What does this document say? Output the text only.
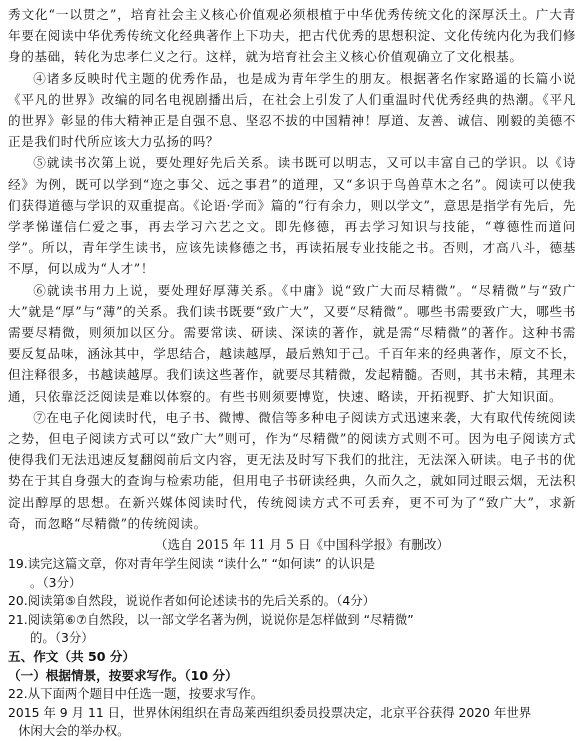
秀文化“一以贯之”，培育社会主义核心价值观必须根植于中华优秀传统文化的深厚沃土。广大青年要在阅读中华优秀传统文化经典著作上下功夫，把古代优秀的思想积淀、文化传统内化为我们修身的基础，转化为忠孝仁义之行。这样，就为培育社会主义核心价值观确立了文化根基。

④诸多反映时代主题的优秀作品，也是成为青年学生的朋友。根据著名作家路遥的长篇小说《平凡的世界》改编的同名电视剧播出后，在社会上引发了人们重温时代优秀经典的热潮。《平凡的世界》彰显的伟大精神正是自强不息、坚忍不拔的中国精神！厚道、友善、诚信、刚毅的美德不正是我们时代所应该大力弘扬的吗？

⑤就读书次第上说，要处理好先后关系。读书既可以明志，又可以丰富自己的学识。以《诗经》为例，既可以学到“迩之事父、远之事君”的道理，又“多识于鸟兽草木之名”。阅读可以使我们获得道德与学识的双重提高。《论语·学而》篇的“行有余力，则以学文”，意思是指学有先后，先学孝悌谨信仁爱之事，再去学习六艺之文。即先修德，再去学习知识与技能，“尊德性而道问学”。所以，青年学生读书，应该先读修德之书，再读拓展专业技能之书。否则，才高八斗，德基不厚，何以成为“人才”！

⑥就读书用力上说，要处理好厚薄关系。《中庸》说“致广大而尽精微”。“尽精微”与“致广大”就是“厚”与“薄”的关系。我们读书既要“致广大”，又要“尽精微”。哪些书需要致广大，哪些书需要尽精微，则须加以区分。需要常读、研读、深读的著作，就是需“尽精微”的著作。这种书需要反复品味，涵泳其中，学思结合，越读越厚，最后熟知于己。千百年来的经典著作，原文不长，但注释很多，书越读越厚。我们读这些著作，就要尽其精微，发起精髓。否则，其书未精，其理未通，只依靠泛泛阅读是难以体察的。有些书则须要博览，快速、略读，开拓视野、扩大知识面。

⑦在电子化阅读时代，电子书、微博、微信等多种电子阅读方式迅速来袭，大有取代传统阅读之势，但电子阅读方式可以“致广大”则可，作为“尽精微”的阅读方式则不可。因为电子阅读方式使得我们无法迅速反复翻阅前后文内容，更无法及时写下我们的批注，无法深入研读。电子书的优势在于其自身强大的查询与检索功能，但用电子书研读经典，久而久之，就如同过眼云烟，无法积淀出醇厚的思想。在新兴媒体阅读时代，传统阅读方式不可丢弃，更不可为了“致广大”，求新奇，而忽略“尽精微”的传统阅读。

（选自 2015 年 11 月 5 日《中国科学报》有删改）
19.读完这篇文章，你对青年学生阅读 “读什么” “如何读” 的认识是
。（3分）
20.阅读第⑤自然段，说说作者如何论述读书的先后关系的。（4分）
21.阅读第⑥⑦自然段，以一部文学名著为例，说说你是怎样做到 “尽精微”
的。（3分）
五、作文（共 50 分）
（一）根据情景，按要求写作。（10 分）
22.从下面两个题目中任选一题，按要求写作。
2015 年 9 月 11 日，世界休闲组织在青岛莱西组织委员投票决定，北京平谷获得 2020 年世界
休闲大会的举办权。
